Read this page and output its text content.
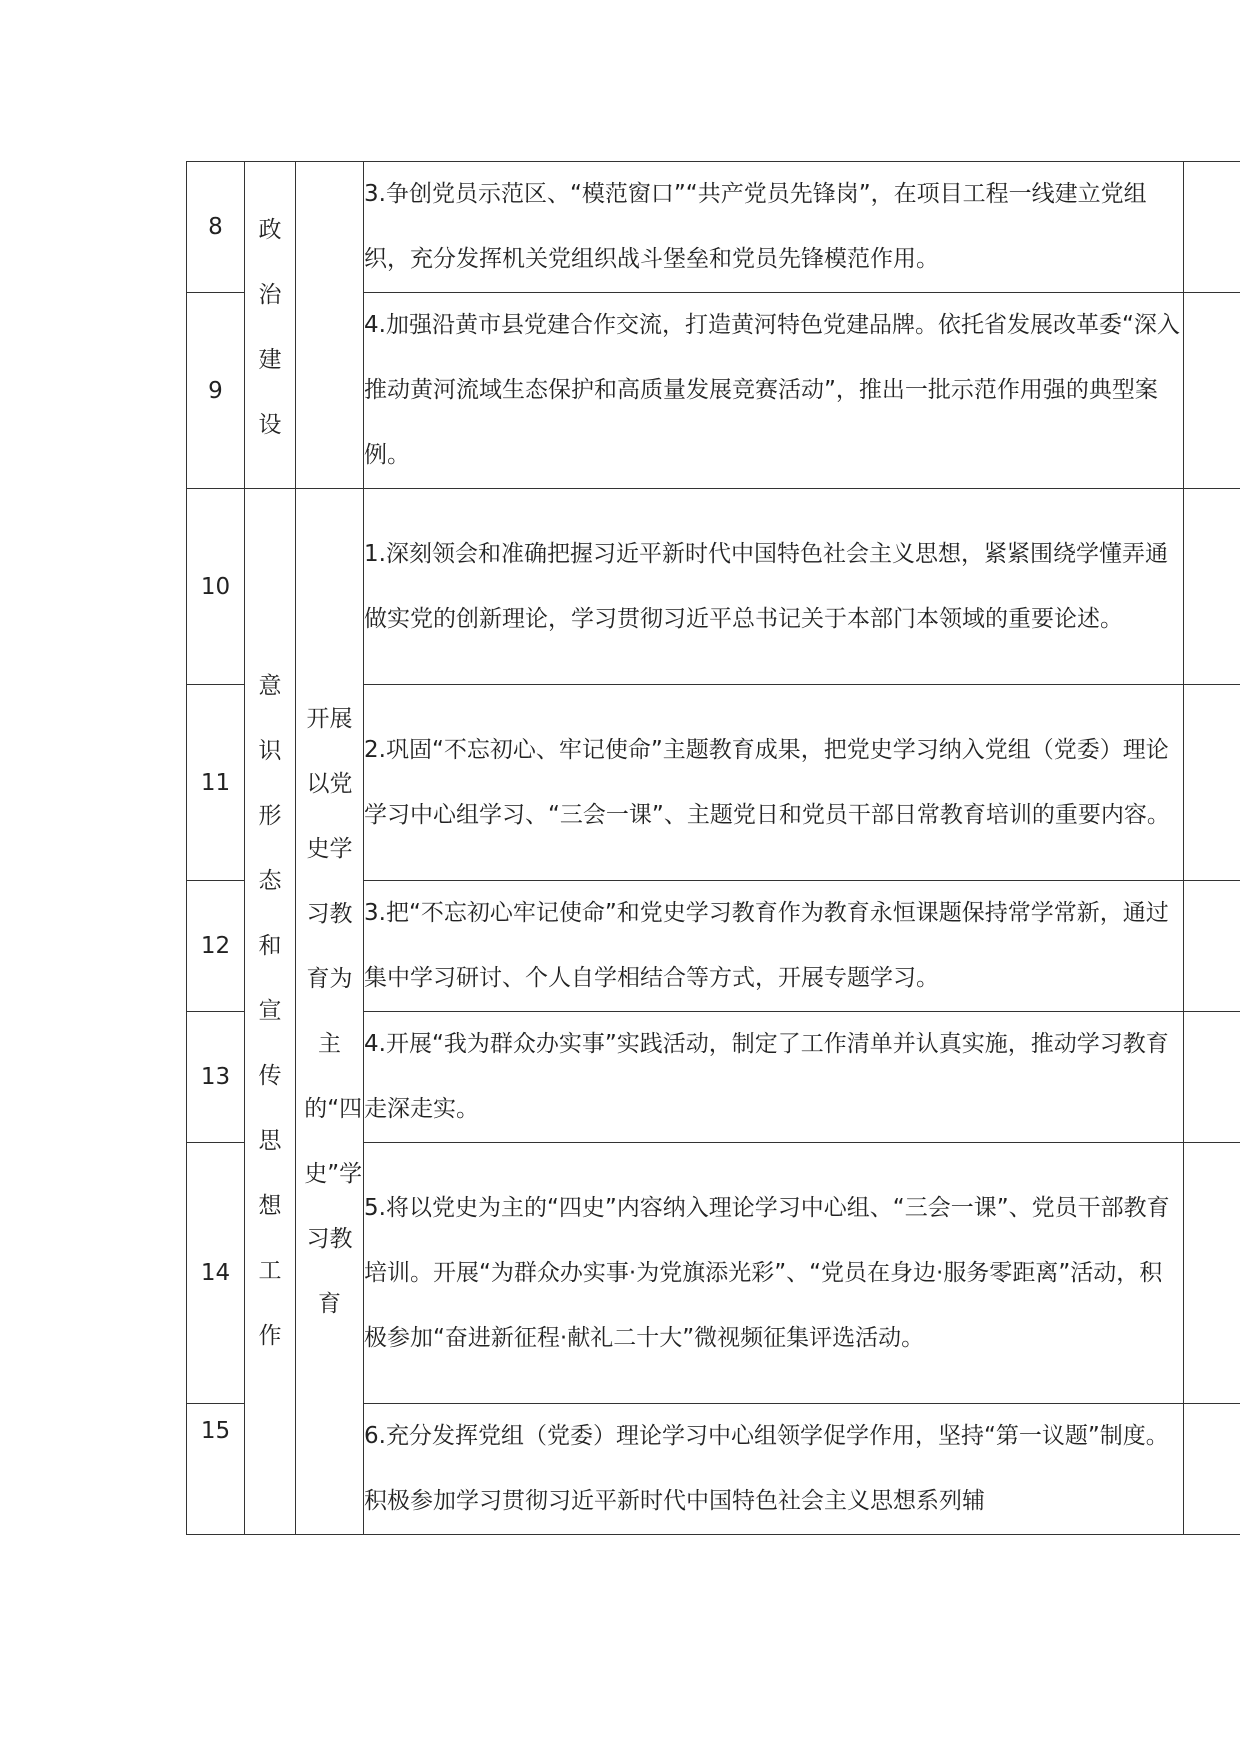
8	政治建设		3.争创党员示范区、“模范窗口”“共产党员先锋岗”，在项目工程一线建立党组织，充分发挥机关党组织战斗堡垒和党员先锋模范作用。	
9			4.加强沿黄市县党建合作交流，打造黄河特色党建品牌。依托省发展改革委“深入推动黄河流域生态保护和高质量发展竞赛活动”，推出一批示范作用强的典型案例。	
10	意识形态和宣传思想工作	开展以党史学习教育为主的“四史”学习教育	1.深刻领会和准确把握习近平新时代中国特色社会主义思想，紧紧围绕学懂弄通做实党的创新理论，学习贯彻习近平总书记关于本部门本领域的重要论述。	
11			2.巩固“不忘初心、牢记使命”主题教育成果，把党史学习纳入党组（党委）理论学习中心组学习、“三会一课”、主题党日和党员干部日常教育培训的重要内容。	
12			3.把“不忘初心牢记使命”和党史学习教育作为教育永恒课题保持常学常新，通过集中学习研讨、个人自学相结合等方式，开展专题学习。	
13			4.开展“我为群众办实事”实践活动，制定了工作清单并认真实施，推动学习教育走深走实。	
14			5.将以党史为主的“四史”内容纳入理论学习中心组、“三会一课”、党员干部教育培训。开展“为群众办实事·为党旗添光彩”、“党员在身边·服务零距离”活动，积极参加“奋进新征程·献礼二十大”微视频征集评选活动。	
15			6.充分发挥党组（党委）理论学习中心组领学促学作用，坚持“第一议题”制度。积极参加学习贯彻习近平新时代中国特色社会主义思想系列辅	
